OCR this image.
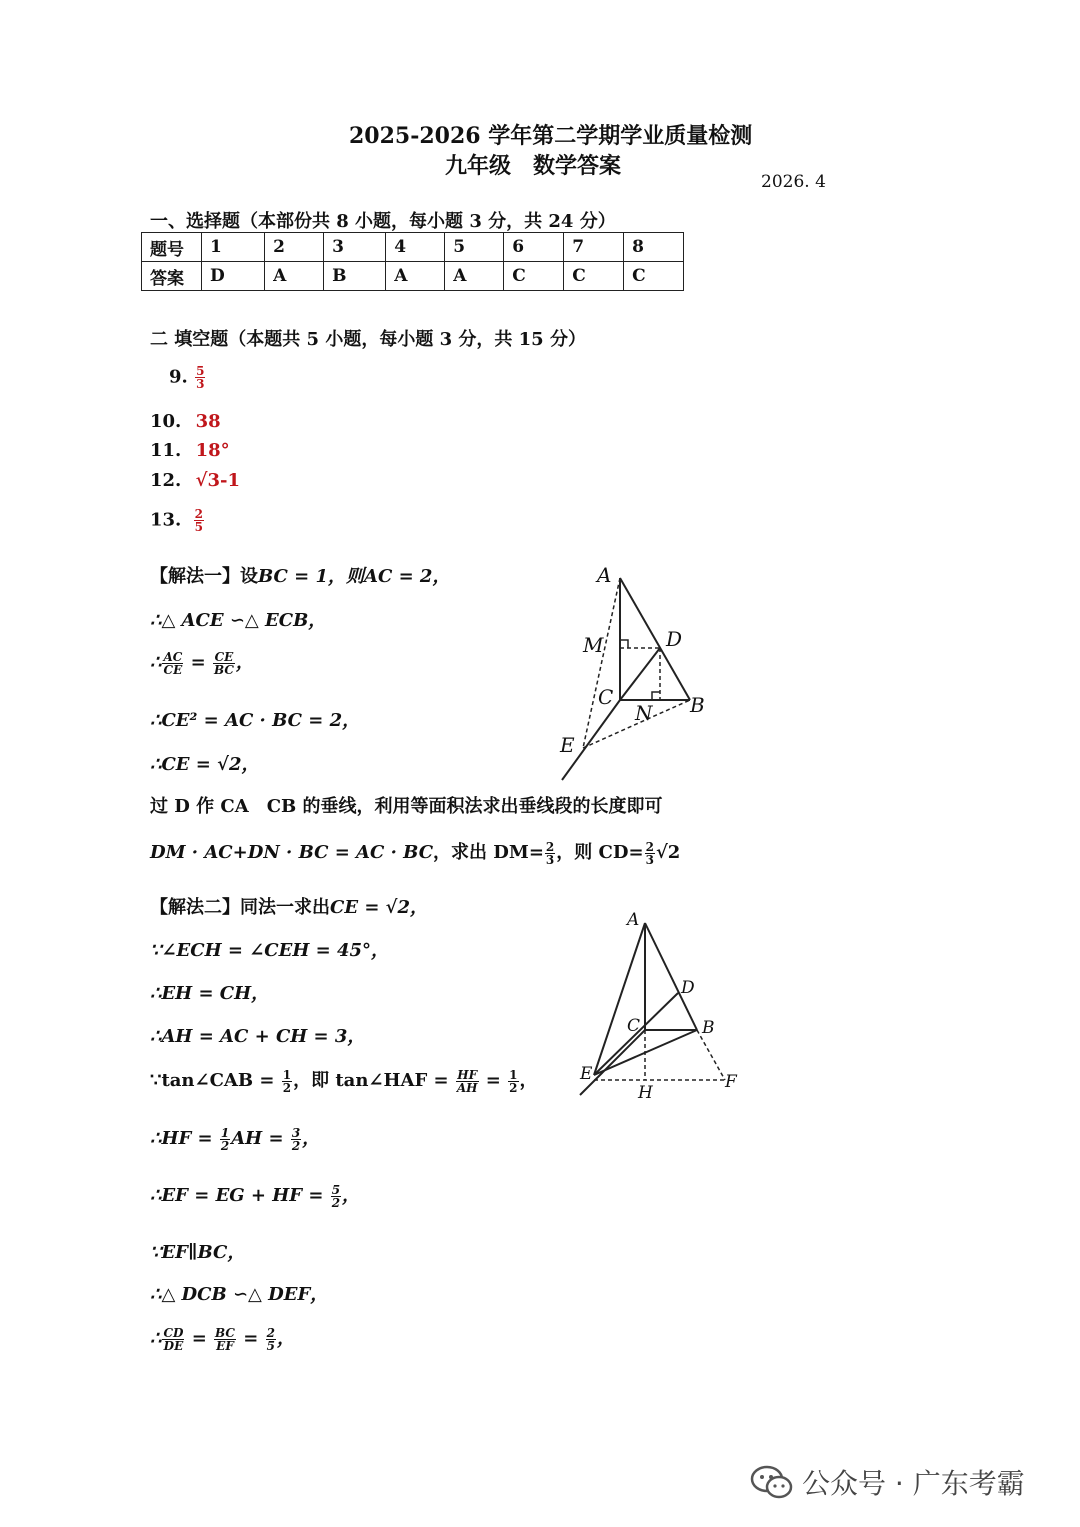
2025-2026 学年第二学期学业质量检测
九年级　数学答案
2026. 4
一、选择题（本部份共 8 小题，每小题 3 分，共 24 分）
题号	1	2	3	4	5	6	7	8
答案	D	A	B	A	A	C	C	C
二 填空题（本题共 5 小题，每小题 3 分，共 15 分）
9. $\frac{5}{3}$
10. 38
11. 18°
12. √3-1
13. $\frac{2}{5}$
【解法一】设BC = 1，则AC = 2，
∴△ ACE ∽△ ECB，
∴ $\frac{AC}{CE} = \frac{CE}{BC}$ ，
∴CE² = AC · BC = 2，
∴CE = √2，
过 D 作 CA　CB 的垂线，利用等面积法求出垂线段的长度即可
DM · AC+DN · BC = AC · BC，求出 $DM= \frac{2}{3}$ ，则 $CD= \frac{2}{3} √2$
A
M	D
C
N B
E
【解法二】同法一求出CE = √2，
∵∠ECH = ∠CEH = 45°，
∴EH = CH，
∴AH = AC + CH = 3，
∵tan∠CAB = $\frac{1}{2}$ ，即 tan∠HAF = $\frac{HF}{AH} = \frac{1}{2}$ ，
∴HF = $\frac{1}{2}$ AH = $\frac{3}{2}$ ，
∴EF = EG + HF = $\frac{5}{2}$ ，
∵EF∥BC，
∴△ DCB ∽△ DEF，
∴ $\frac{CD}{DE} = \frac{BC}{EF} = \frac{2}{5}$ ，
A
D
C	B
E
H
F
公众号 · 广东考霸
